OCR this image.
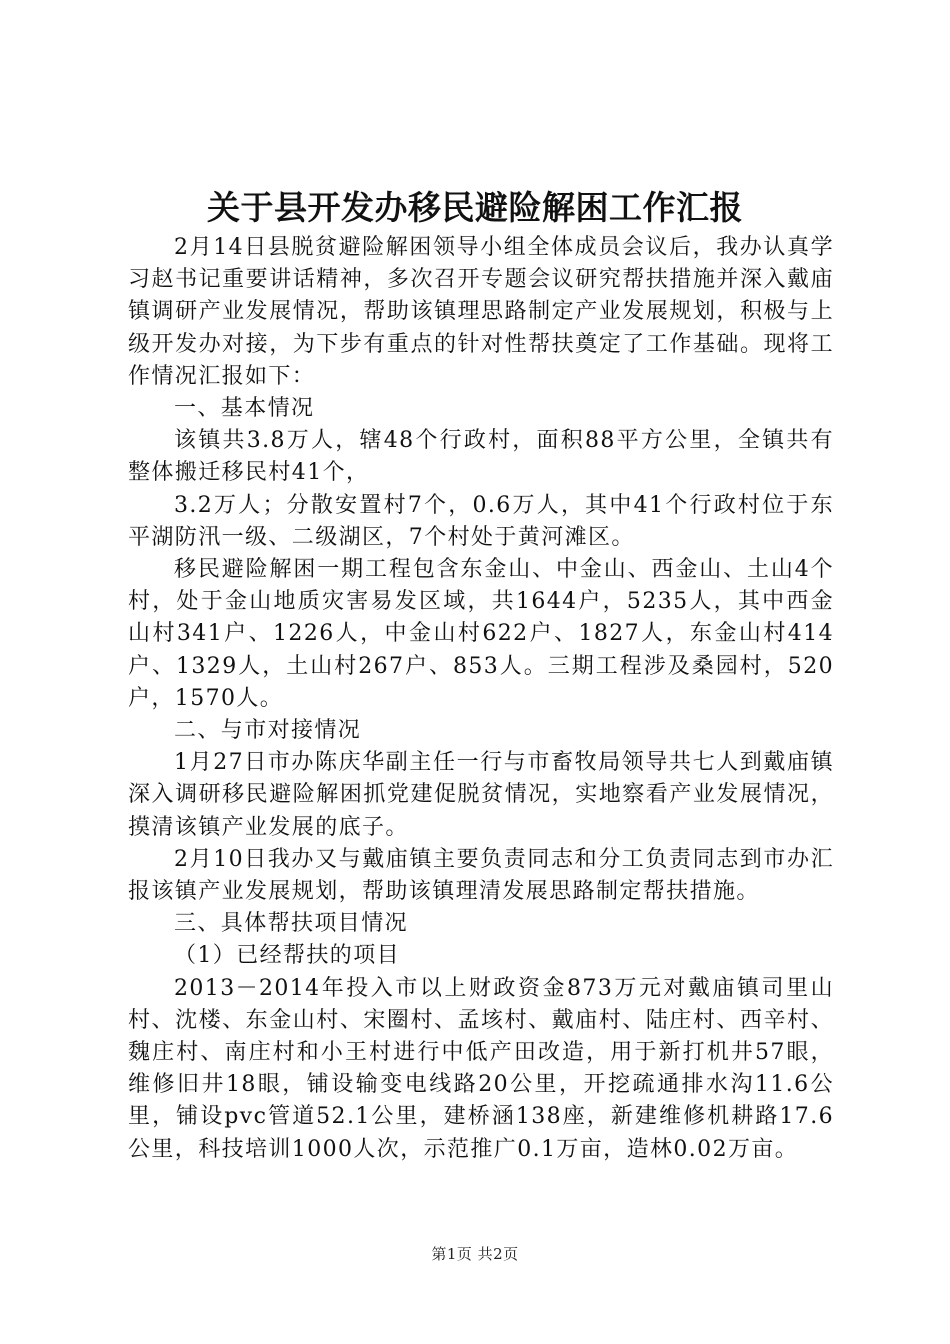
关于县开发办移民避险解困工作汇报

2月14日县脱贫避险解困领导小组全体成员会议后，我办认真学习赵书记重要讲话精神，多次召开专题会议研究帮扶措施并深入戴庙镇调研产业发展情况，帮助该镇理思路制定产业发展规划，积极与上级开发办对接，为下步有重点的针对性帮扶奠定了工作基础。现将工作情况汇报如下：

一、基本情况

该镇共3.8万人，辖48个行政村，面积88平方公里，全镇共有整体搬迁移民村41个，

3.2万人；分散安置村7个，0.6万人，其中41个行政村位于东平湖防汛一级、二级湖区，7个村处于黄河滩区。

移民避险解困一期工程包含东金山、中金山、西金山、土山4个村，处于金山地质灾害易发区域，共1644户，5235人，其中西金山村341户、1226人，中金山村622户、1827人，东金山村414户、1329人，土山村267户、853人。三期工程涉及桑园村，520户，1570人。

二、与市对接情况

1月27日市办陈庆华副主任一行与市畜牧局领导共七人到戴庙镇深入调研移民避险解困抓党建促脱贫情况，实地察看产业发展情况，摸清该镇产业发展的底子。

2月10日我办又与戴庙镇主要负责同志和分工负责同志到市办汇报该镇产业发展规划，帮助该镇理清发展思路制定帮扶措施。

三、具体帮扶项目情况

（1）已经帮扶的项目

2013－2014年投入市以上财政资金873万元对戴庙镇司里山村、沈楼、东金山村、宋圈村、孟垓村、戴庙村、陆庄村、西辛村、魏庄村、南庄村和小王村进行中低产田改造，用于新打机井57眼，维修旧井18眼，铺设输变电线路20公里，开挖疏通排水沟11.6公里，铺设pvc管道52.1公里，建桥涵138座，新建维修机耕路17.6公里，科技培训1000人次，示范推广0.1万亩，造林0.02万亩。

第1页 共2页
